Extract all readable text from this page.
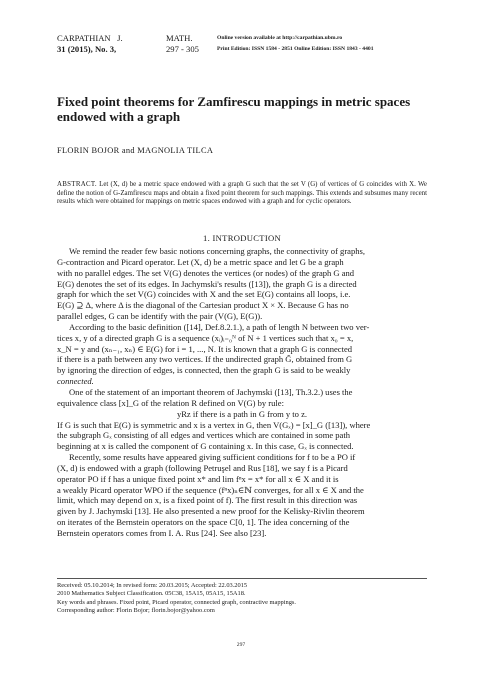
CARPATHIAN J.	MATH.	Online version available at http://carpathian.ubm.ro
31 (2015), No. 3,	297 - 305	Print Edition: ISSN 1584 - 2851 Online Edition: ISSN 1843 - 4401
Fixed point theorems for Zamfirescu mappings in metric spaces endowed with a graph
FLORIN BOJOR and MAGNOLIA TILCA
ABSTRACT. Let (X, d) be a metric space endowed with a graph G such that the set V (G) of vertices of G coincides with X. We define the notion of G-Zamfirescu maps and obtain a fixed point theorem for such mappings. This extends and subsumes many recent results which were obtained for mappings on metric spaces endowed with a graph and for cyclic operators.
1. INTRODUCTION
We remind the reader few basic notions concerning graphs, the connectivity of graphs,
G-contraction and Picard operator. Let (X, d) be a metric space and let G be a graph
with no parallel edges. The set V(G) denotes the vertices (or nodes) of the graph G and
E(G) denotes the set of its edges. In Jachymski's results ([13]), the graph G is a directed
graph for which the set V(G) coincides with X and the set E(G) contains all loops, i.e.
E(G) ⊇ Δ, where Δ is the diagonal of the Cartesian product X × X. Because G has no
parallel edges, G can be identify with the pair (V(G), E(G)).
According to the basic definition ([14], Def.8.2.1.), a path of length N between two ver-
tices x, y of a directed graph G is a sequence (xᵢ)ᵢ₌₀ᴺ of N + 1 vertices such that x₀ = x,
x_N = y and (xₙ₋₁, xₙ) ∈ E(G) for i = 1, ..., N. It is known that a graph G is connected
if there is a path between any two vertices. If the undirected graph G̃, obtained from G
by ignoring the direction of edges, is connected, then the graph G is said to be weakly
connected.
One of the statement of an important theorem of Jachymski ([13], Th.3.2.) uses the
equivalence class [x]_G of the relation R defined on V(G) by rule:
yRz if there is a path in G from y to z.
If G is such that E(G) is symmetric and x is a vertex in G, then V(Gₓ) = [x]_G ([13]), where
the subgraph Gₓ consisting of all edges and vertices which are contained in some path
beginning at x is called the component of G containing x. In this case, Gₓ is connected.
Recently, some results have appeared giving sufficient conditions for f to be a PO if
(X, d) is endowed with a graph (following Petruşel and Rus [18], we say f is a Picard
operator PO if f has a unique fixed point x* and lim fⁿx = x* for all x ∈ X and it is
a weakly Picard operator WPO if the sequence (fⁿx)ₙ∈ℕ converges, for all x ∈ X and the
limit, which may depend on x, is a fixed point of f). The first result in this direction was
given by J. Jachymski [13]. He also presented a new proof for the Kelisky-Rivlin theorem
on iterates of the Bernstein operators on the space C[0, 1]. The idea concerning of the
Bernstein operators comes from I. A. Rus [24]. See also [23].
Received: 05.10.2014; In revised form: 20.03.2015; Accepted: 22.03.2015
2010 Mathematics Subject Classification. 05C38, 15A15, 05A15, 15A18.
Key words and phrases. Fixed point, Picard operator, connected graph, contractive mappings.
Corresponding author: Florin Bojor; florin.bojor@yahoo.com
297
